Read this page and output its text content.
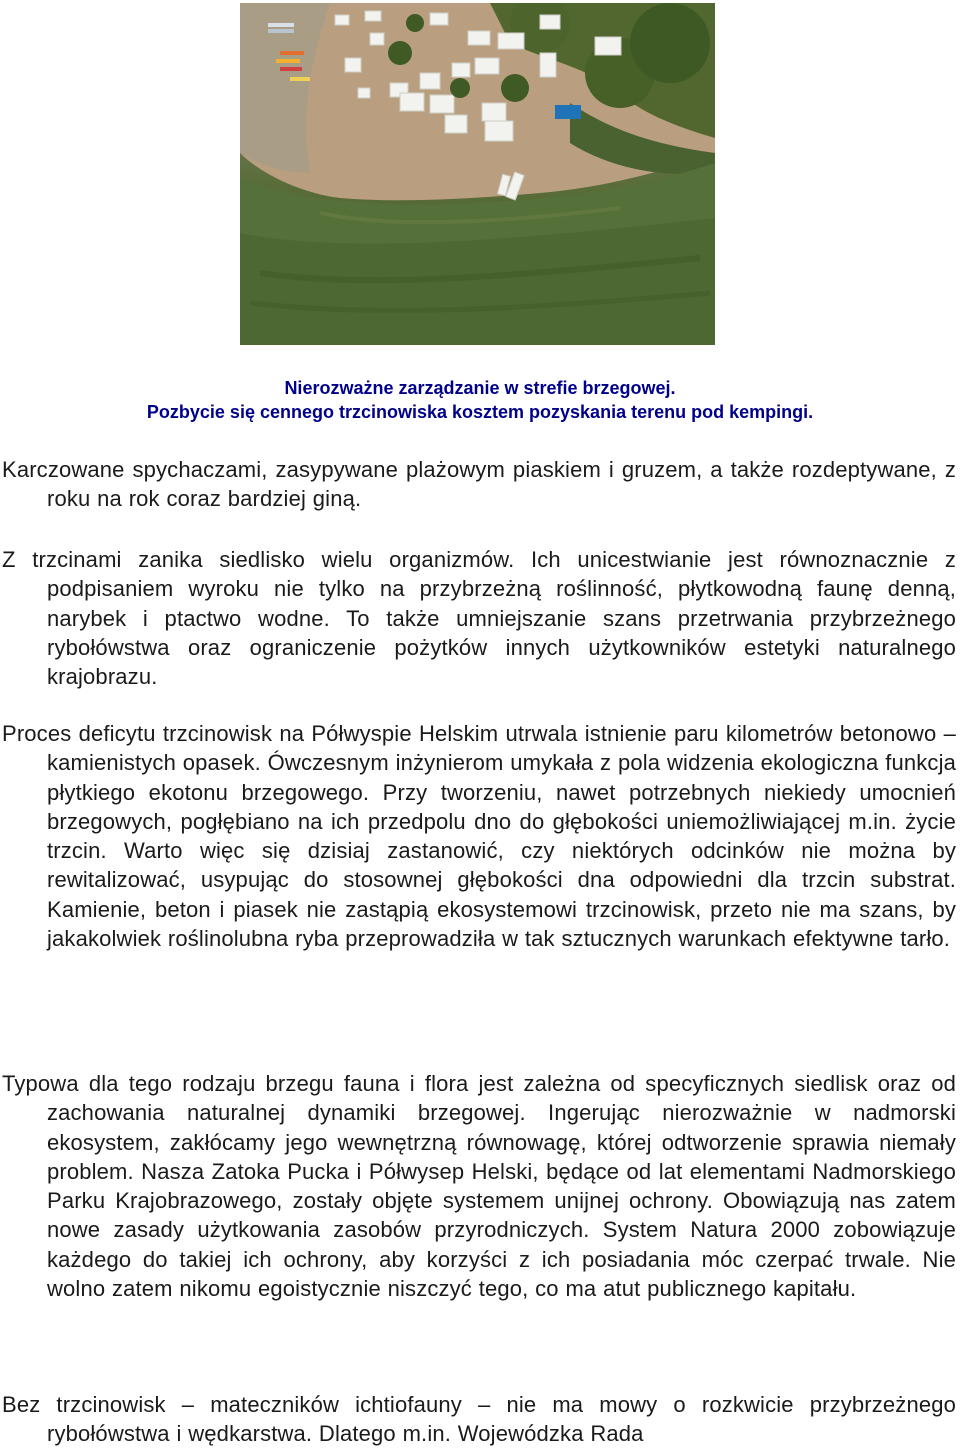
Nierozważne zarządzanie w strefie brzegowej.
Pozbycie się cennego trzcinowiska kosztem pozyskania terenu pod kempingi.

Karczowane spychaczami, zasypywane plażowym piaskiem i gruzem, a także rozdeptywane, z roku na rok coraz bardziej giną.

Z trzcinami zanika siedlisko wielu organizmów. Ich unicestwianie jest równoznacznie z podpisaniem wyroku nie tylko na przybrzeżną roślinność, płytkowodną faunę denną, narybek i ptactwo wodne. To także umniejszanie szans przetrwania przybrzeżnego rybołówstwa oraz ograniczenie pożytków innych użytkowników estetyki naturalnego krajobrazu.

Proces deficytu trzcinowisk na Półwyspie Helskim utrwala istnienie paru kilometrów betonowo – kamienistych opasek. Ówczesnym inżynierom umykała z pola widzenia ekologiczna funkcja płytkiego ekotonu brzegowego. Przy tworzeniu, nawet potrzebnych niekiedy umocnień brzegowych, pogłębiano na ich przedpolu dno do głębokości uniemożliwiającej m.in. życie trzcin. Warto więc się dzisiaj zastanowić, czy niektórych odcinków nie można by rewitalizować, usypując do stosownej głębokości dna odpowiedni dla trzcin substrat. Kamienie, beton i piasek nie zastąpią ekosystemowi trzcinowisk, przeto nie ma szans, by jakakolwiek roślinolubna ryba przeprowadziła w tak sztucznych warunkach efektywne tarło.

Typowa dla tego rodzaju brzegu fauna i flora jest zależna od specyficznych siedlisk oraz od zachowania naturalnej dynamiki brzegowej. Ingerując nierozważnie w nadmorski ekosystem, zakłócamy jego wewnętrzną równowagę, której odtworzenie sprawia niemały problem. Nasza Zatoka Pucka i Półwysep Helski, będące od lat elementami Nadmorskiego Parku Krajobrazowego, zostały objęte systemem unijnej ochrony. Obowiązują nas zatem nowe zasady użytkowania zasobów przyrodniczych. System Natura 2000 zobowiązuje każdego do takiej ich ochrony, aby korzyści z ich posiadania móc czerpać trwale. Nie wolno zatem nikomu egoistycznie niszczyć tego, co ma atut publicznego kapitału.

Bez trzcinowisk – mateczników ichtiofauny – nie ma mowy o rozkwicie przybrzeżnego rybołówstwa i wędkarstwa. Dlatego m.in. Wojewódzka Rada
